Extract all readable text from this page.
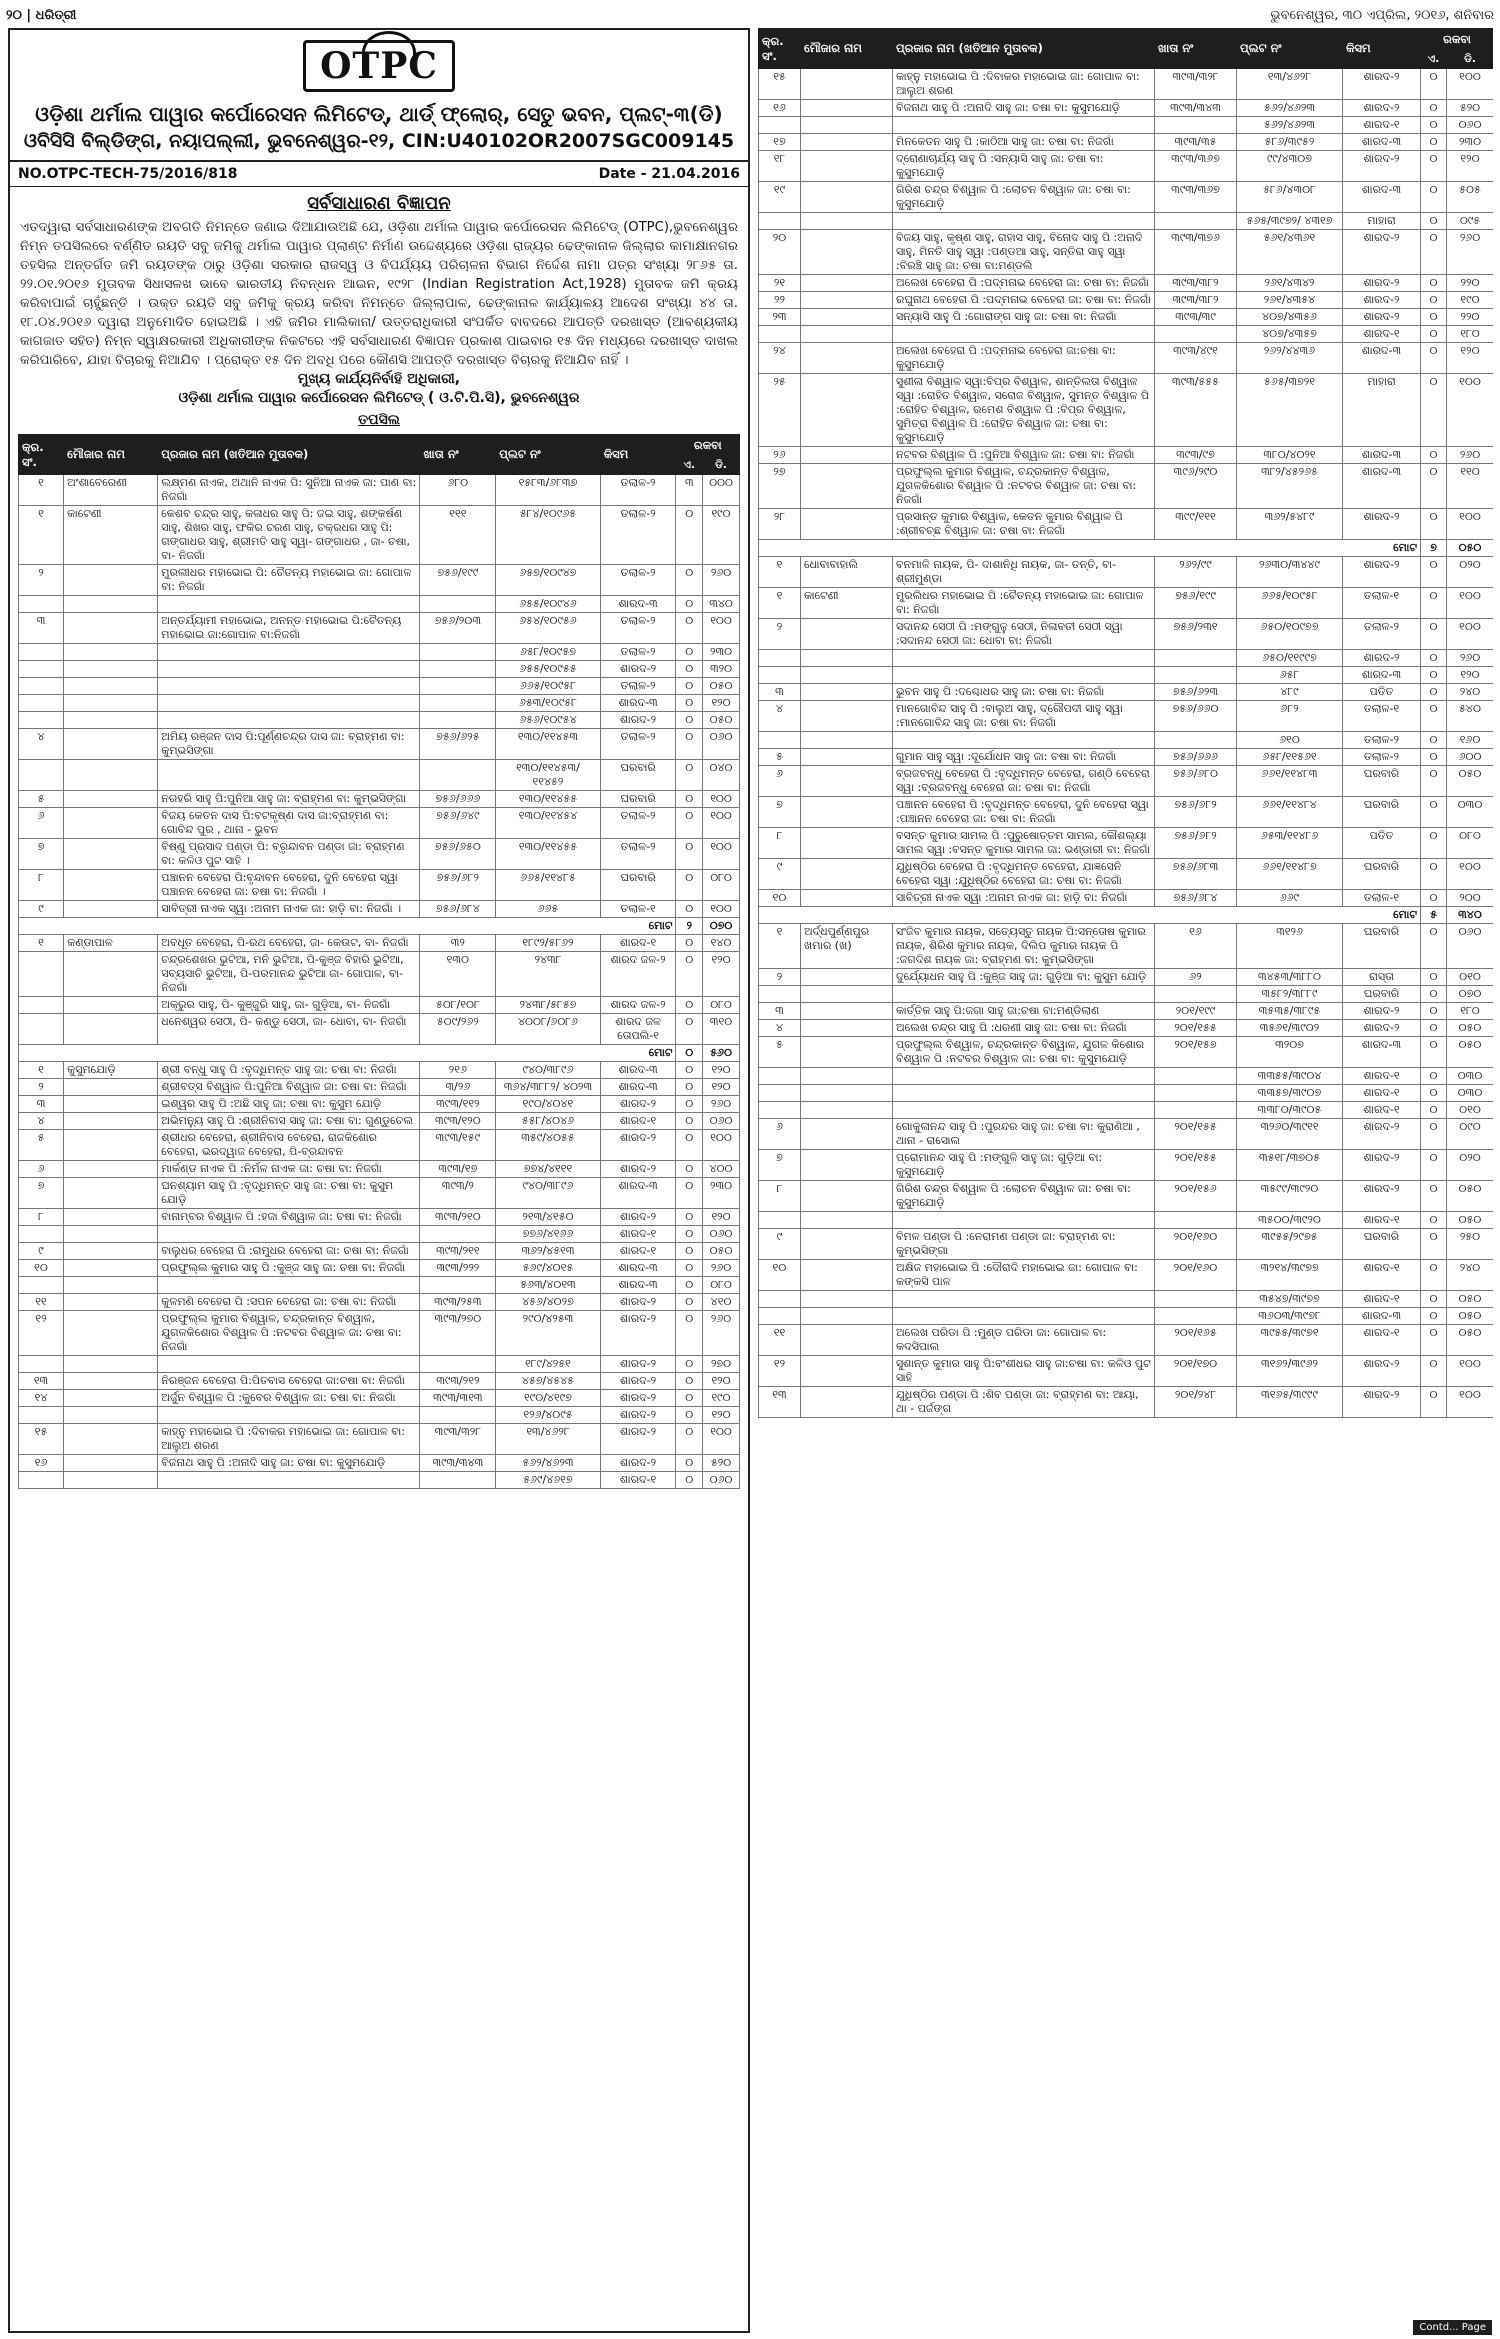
୨୦ | ଧରିତ୍ରୀ	ଭୁବନେଶ୍ୱର, ୩୦ ଏପ୍ରିଲ, ୨୦୧୬, ଶନିବାର
OTPC
ଓଡ଼ିଶା ଥର୍ମାଲ ପାୱାର କର୍ପୋରେସନ ଲିମିଟେଡ୍, ଥାର୍ଡ୍ ଫ୍ଲୋର୍, ସେତୁ ଭବନ, ପ୍ଲଟ୍-୩(ଡି)
ଓବିସିସି ବିଲ୍ଡିଙ୍ଗ, ନୟାପଲ୍ଲୀ, ଭୁବନେଶ୍ୱର-୧୨, CIN:U40102OR2007SGC009145
NO.OTPC-TECH-75/2016/818	Date - 21.04.2016
ସର୍ବସାଧାରଣ ବିଜ୍ଞାପନ
ଏତଦ୍ୱାରା ସର୍ବସାଧାରଣଙ୍କ ଅବଗତି ନିମନ୍ତେ ଜଣାଇ ଦିଆଯାଉଅଛି ଯେ, ଓଡ଼ିଶା ଥର୍ମାଲ ପାୱାର କର୍ପୋରେସନ ଲିମିଟେଡ୍ (OTPC),ଭୁବନେଶ୍ୱର ନିମ୍ନ ତପସିଲରେ ବର୍ଣ୍ଣିତ ରୟତି ସବୁ ଜମିକୁ ଥର୍ମାଲ ପାୱାର ପ୍ଲାଣ୍ଟ ନିର୍ମାଣ ଉଦ୍ଦେଶ୍ୟରେ ଓଡ଼ିଶା ରାଜ୍ୟର ଢେଙ୍କାନାଳ ଜିଲ୍ଲାର କାମାକ୍ଷାନଗର ତହସିଲ ଅନ୍ତର୍ଗତ ଜମି ରୟତଙ୍କ ଠାରୁ ଓଡ଼ିଶା ସରକାର ରାଜସ୍ୱ ଓ ବିପର୍ଯ୍ୟୟ ପରିଚାଳନା ବିଭାଗ ନିର୍ଦ୍ଦେଶ ନାମା ପତ୍ର ସଂଖ୍ୟା ୨୮୬୫ ତା. ୨୨.୦୧.୨୦୧୬ ମୁତାବକ ସିଧାସଳଖ ଭାବେ ଭାରତୀୟ ନିବନ୍ଧନ ଆଇନ, ୧୯୨୮ (Indian Registration Act,1928) ମୁତାବକ ଜମି କ୍ରୟ କରିବାପାଇଁ ଚାହୁଁଛନ୍ତି । ଉକ୍ତ ରୟତି ସବୁ ଜମିକୁ କ୍ରୟ କରିବା ନିମନ୍ତେ ଜିଲ୍ଲାପାଳ, ଢେଙ୍କାନାଳ କାର୍ଯ୍ୟାଳୟ ଆଦେଶ ସଂଖ୍ୟା ୪୪ ତା. ୧୮.୦୪.୨୦୧୬ ଦ୍ୱାରା ଅନୁମୋଦିତ ହୋଇଅଛି । ଏହି ଜମିର ମାଲିକାନା/ ଉତ୍ତରାଧିକାରୀ ସଂପର୍କିତ ବାବଦରେ ଆପତ୍ତି ଦରଖାସ୍ତ (ଆବଶ୍ୟକୀୟ କାଗଜାତ ସହିତ) ନିମ୍ନ ସ୍ୱାକ୍ଷରକାରୀ ଅଧିକାରୀଙ୍କ ନିକଟରେ ଏହି ସର୍ବସାଧାରଣ ବିଜ୍ଞାପନ ପ୍ରକାଶ ପାଇବାର ୧୫ ଦିନ ମଧ୍ୟରେ ଦରଖାସ୍ତ ଦାଖଲ କରିପାରିବେ, ଯାହା ବିଚାରକୁ ନିଆଯିବ । ପ୍ରୋକ୍ତ ୧୫ ଦିନ ଅବଧି ପରେ କୌଣସି ଆପତ୍ତି ଦରଖାସ୍ତ ବିଚାରକୁ ନିଆଯିବ ନାହିଁ ।
ମୁଖ୍ୟ କାର୍ଯ୍ୟନିର୍ବାହି ଅଧିକାରୀ,
ଓଡ଼ିଶା ଥର୍ମାଲ ପାୱାର କର୍ପୋରେସନ ଲିମିଟେଡ୍ ( ଓ.ଟି.ପି.ସି), ଭୁବନେଶ୍ୱର
ତପସିଲ
କ୍ର. ସଂ.	ମୌଜାର ନାମ	ପ୍ରଜାର ନାମ (ଖତିଆନ ମୁତାବକ)	ଖାତା ନଂ	ପ୍ଲଟ ନଂ	କିସମ	ରକବା	
						ଏ.	ଡି.
୧	ଅଂଶାବେରେଣୀ	ଲକ୍ଷ୍ମଣ ନାଏକ, ଅଥାନି ନାଏକ ପି: ସୁନିଆ ନାଏକ ଜା: ପାଣ ବା: ନିଜଗାଁ	୬୮୦	୧୫୮୩/୬୮୩୭	ତଲାଳ-୨	୩	୦୦୦
୧	କାଟେଣୀ	କେଶବ ଚନ୍ଦ୍ର ସାହୁ, କଳାଧର ସାହୁ ପି: ଜଇ ସାହୁ, ଶଙ୍କର୍ଷଣ ସାହୁ, ଶିଖର ସାହୁ, ଫକିର ଚରଣ ସାହୁ, ଚକ୍ରଧର ସାହୁ ପି: ଗଙ୍ଗାଧର ସାହୁ, ଶ୍ରୀମତି ସାହୁ ସ୍ୱା- ଗଙ୍ଗାଧର , ଜା- ଚଷା, ବା- ନିଜଗାଁ	୧୧୧	୫୮୪/୧୦୯୬୫	ତଲାଳ-୨	୦	୧୯୦
୨		ମୁରଲୀଧର ମହାଭୋଇ ପି: ଚୈତନ୍ୟ ମହାଭୋଇ ଜା: ଗୋପାଳ ବା: ନିଜଗାଁ	୭୫୬/୧୯୯	୬୫୭/୧୦୯୪୭	ତଲାଳ-୨	୦	୨୬୦
				୬୫୫/୧୦୯୪୬	ଶାରଦ-୩	୦	୩୪୦
୩		ଅନ୍ତର୍ଯ୍ୟାମୀ ମହାଭୋଇ, ଅନନ୍ତ ମହାଭୋଇ ପି:ଚୈତନ୍ୟ ମହାଭୋଇ ଜା:ଗୋପାଳ ବା:ନିଜଗାଁ	୭୫୬/୨୦୩	୬୫୪/୧୦୯୫୬	ତଲାଳ-୨	୦	୧୦୦
				୬୫୮/୧୦୯୫୭	ତଲାଳ-୨	୦	୨୩୦
				୬୫୫/୧୦୯୫୫	ଶାରଦ-୨	୦	୩୨୦
				୬୬୫/୧୦୯୫୮	ତଲାଳ-୨	୦	୦୫୦
				୬୫୩/୧୦୯୫୮	ଶାରଦ-୩	୦	୧୨୦
				୬୫୬/୧୦୯୫୪	ଶାରଦ-୨	୦	୦୫୦
୪		ଅମିୟ ରଞ୍ଜନ ଦାସ ପି:ପୂର୍ଣ୍ଣଚନ୍ଦ୍ର ଦାସ ଜା: ବ୍ରାହ୍ମଣ ବା: କୁମ୍ଭସିଙ୍ଗା	୭୫୬/୬୨୫	୧୩୦/୧୧୪୫୩	ତଲାଳ-୨	୦	୦୬୦
				୧୩୦/୧୧୪୫୩/ ୧୧୪୫୨	ଘରବାରି	୦	୦୪୦
୫		ନରହରି ସାହୁ ପି:ପୁନିଆ ସାହୁ ଜା: ବ୍ରାହ୍ମଣ ବା: କୁମ୍ଭସିଙ୍ଗା	୭୫୬/୬୬୬	୧୩୦/୧୧୪୫୫	ଘରବାରି	୦	୧୦୦
୬		ବିଜୟ କେତନ ଦାସ ପି:ବଟକୃଷ୍ଣ ଦାସ ଜା:ବ୍ରାହ୍ମଣ ବା: ଗୋବିନ୍ଦ ପୁର , ଥାନା - ଭୁବନ	୭୫୬/୬୪୯	୧୩୦/୧୧୪୫୪	ତଲାଳ-୨	୦	୧୦୦
୭		ବିଷ୍ଣୁ ପ୍ରସାଦ ପଣ୍ଡା ପି: ବ୍ରୃନ୍ଦାବନ ପଣ୍ଡା ଜା: ବ୍ରାହ୍ମଣ ବା: କଳିଓ ପୁଟ ସାହି ।	୭୫୬/୬୫୦	୧୩୦/୧୧୪୫୫	ତଲାଳ-୨	୦	୧୦୦
୮		ପଞ୍ଚାନନ ବେହେରା ପି:ବୃନ୍ଦାବନ ବେହେରା, ଦୁନି ବେହେରା ସ୍ୱା ପଞ୍ଚାନନ ବେହେରା ଜା: ଚଷା ବା: ନିଜଗାଁ ।	୭୫୬/୬୮୨	୬୬୫/୧୧୪୮୫	ଘରବାରି	୦	୦୮୦
୯		ସାବିତ୍ରୀ ନାଏକ ସ୍ୱା :ଅନାମ ନାଏକ ଜା: ହାଡ଼ି ବା: ନିଜଗାଁ ।	୭୫୬/୬୮୪	୬୬୫	ତଲାଳ-୧	୦	୧୦୦
ମୋଟ						୨	୦୭୦
୧	କଣ୍ଡାପାଳ	ଅବଧୂତ ବେହେରା, ପି-ରଥ ବେହେରା, ଜା- କେଉଟ, ବା- ନିଜଗାଁ	୩୨	୧୮୯୨/୫୮୬୨	ଶାରଦ-୧	୦	୧୪୦
		ଚନ୍ଦ୍ରଶେଖର ଭୁଟିଆ, ମନି ଭୁଟିଆ, ପି-କୁଞ୍ଜ ବିହାରି ଭୁଟିଆ, ସବ୍ୟସାଚି ଭୁଟିଆ, ପି-ପରମାନନ୍ଦ ଭୁଟିଆ ଜା- ଗୋପାଳ, ବା- ନିଜଗାଁ	୧୩୦	୨୪୩୮	ଶାରଦ ଜଳ-୨	୦	୧୨୦
		ଅକ୍ରୁର ସାହୁ, ପି- କୁଞ୍ଜୁରି ସାହୁ, ଜା- ଗୁଡ଼ିଆ, ବା- ନିଜଗାଁ	୫୦୮/୧୦୮	୨୪୩୮/୫୮୫୭	ଶାରଦ ଜଳ-୨	୦	୦୮୦
		ଧନେଶ୍ୱର ସେଠୀ, ପି- କଣ୍ଡୁ ସେଠୀ, ଜା- ଧୋବା, ବା- ନିଜଗାଁ	୫୦୯/୨୬୨	୪୦୦୮/୬୦୮୬	ଶାରଦ ଜଳ ତୋପଲି-୧	୦	୩୧୦
ମୋଟ						୦	୫୬୦
୧	କୁସୁମଯୋଡ଼ି	ଶ୍ରୀ ବନ୍ଧୁ ସାହୁ ପି :ବୃଦ୍ଧିମନ୍ତ ସାହୁ ଜା: ଚଷା ବା: ନିଜଗାଁ	୨୧୬	୯୪୦/୩୮୯୬	ଶାରଦ-୩	୦	୧୨୦
୨		ଶ୍ରୀବତ୍ସ ବିଶ୍ୱାଳ ପି:ପୁନିଆ ବିଶ୍ୱାଳ ଜା: ଚଷା ବା: ନିଜଗାଁ	୩/୨୬	୩୬୪/୩୮୮୨/ ୪୦୨୩	ଶାରଦ-୩	୦	୧୨୦
୩		ଇଶ୍ୱର ସାହୁ ପି :ଅଛି ସାହୁ ଜା: ଚଷା ବା: କୁସୁମ ଯୋଡ଼ି	୩୯୩/୧୧୨	୧୯୦/୪୦୪୧	ଶାରଦ-୨	୦	୨୬୦
୪		ଅଭିମନ୍ୟୁ ସାହୁ ପି :ଶ୍ରୀନିବାସ ସାହୁ ଜା: ଚଷା ବା: ଗୁଣ୍ଡୁଚେଲ	୩୯୩/୧୨୦	୫୫୮/୪୦୪୬	ଶାରଦ-୧	୦	୦୬୦
୫		ଶ୍ରୀଧର ବେହେରା, ଶ୍ରୀନିବାସ ବେହେରା, ରାଜକିଶୋର ବେହେରା, ଭରଦ୍ୱାଜ ବେହେରା, ପି-ବ୍ରନ୍ଦାବନ	୩୯୩/୧୫୯	୩୫୯/୪୦୫୫	ଶାରଦ-୨	୦	୧୦୦
୬		ମାର୍କଣ୍ଡ ନାଏକ ପି :ନିର୍ମଳ ନାଏକ ଜା: ଚଷା ବା: ନିଜଗାଁ	୩୯୩/୧୭	୭୭୪/୪୧୧୧	ଶାରଦ-୨	୦	୪୦୦
୭		ଘନଶ୍ୟାମ ସାହୁ ପି :ବୃଦ୍ଧିମନ୍ତ ସାହୁ ଜା: ଚଷା ବା: କୁସୁମ ଯୋଡ଼ି	୩୯୩/୨	୯୪୦/୩୮୯୬	ଶାରଦ-୩	୦	୨୩୦
୮		ବାନାମ୍ବର ବିଶ୍ୱାଳ ପି :ହଜା ବିଶ୍ୱାଳ ଜା: ଚଷା ବା: ନିଜଗାଁ	୩୯୩/୨୧୦	୨୧୩/୪୧୫୦	ଶାରଦ-୨	୦	୧୨୦
				୭୭୬/୪୧୬୬	ଶାରଦ-୧	୦	୦୬୦
୯		ବାଲୁଧର ବେହେରା ପି :ରାମୁଧର ବେହେରା ଜା: ଚଷା ବା: ନିଜଗାଁ	୩୯୩/୨୧୧	୩୬୨/୪୫୧୩	ଶାରଦ-୧	୦	୦୫୦
୧୦		ପ୍ରଫୁଲ୍ଲ କୁମାର ସାହୁ ପି :କୁଞ୍ଜ ସାହୁ ଜା: ଚଷା ବା: ନିଜଗାଁ	୩୯୩/୨୨୨	୫୬୯/୪୦୧୫	ଶାରଦ-୩	୦	୨୬୦
				୫୬୩/୪୦୧୩	ଶାରଦ-୩	୦	୦୮୦
୧୧		କୁଳମଣି ବେହେରା ପି :ସପନ ବେହେରା ଜା: ଚଷା ବା: ନିଜଗାଁ	୩୯୩/୨୫୩	୪୫୬/୪୦୨୭	ଶାରଦ-୨	୦	୪୧୦
୧୨		ପ୍ରଫୁଲ୍ଲ କୁମାର ବିଶ୍ୱାଳ, ଚନ୍ଦ୍ରକାନ୍ତ ବିଶ୍ୱାଳ, ଯୁଗଳକିଶୋର ବିଶ୍ୱାଳ ପି :ନଟବର ବିଶ୍ୱାଳ ଜା: ଚଷା ବା: ନିଜଗାଁ	୩୯୩/୨୭୦	୨୯୦/୪୨୫୩	ଶାରଦ-୨	୦	୨୬୦
				୧୮୯/୪୨୫୧	ଶାରଦ-୨	୦	୨୭୦
୧୩		ନିରଞ୍ଜନ ବେହେରା ପି:ପିତବାସ ବେହେରା ଜା:ଚଷା ବା: ନିଜଗାଁ	୩୯୩/୨୧୨	୪୫୭/୪୫୪୫	ଶାରଦ-୨	୦	୧୨୦
୧୪		ଅର୍ଜୁନ ବିଶ୍ୱାଳ ପି :କୁବେର ବିଶ୍ୱାଳ ଜା: ଚଷା ବା: ନିଜଗାଁ	୩୯୩/୩୧୩	୧୯୦/୪୧୯୭	ଶାରଦ-୨	୦	୧୯୦
				୧୨୬/୪୦୯୫	ଶାରଦ-୨	୦	୧୨୦
୧୫		କାହ୍ନୁ ମହାଭୋଇ ପି :ଦିବାକର ମହାଭୋଇ ଜା: ଗୋପାଳ ବା: ଆଲୁଅ ଶରଣ	୩୯୩/୩୨୮	୧୩/୪୬୨୮	ଶାରଦ-୨	୦	୧୦୦
୧୬		ବିଜନାଥ ସାହୁ ପି :ଅନାଦି ସାହୁ ଜା: ଚଷା ବା: କୁସୁମଯୋଡ଼ି	୩୯୩/୩୪୩	୫୬୨/୪୬୨୩	ଶାରଦ-୨	୦	୫୨୦
				୫୬୯/୪୬୧୭	ଶାରଦ-୧	୦	୦୬୦
କ୍ର. ସଂ.	ମୌଜାର ନାମ	ପ୍ରଜାର ନାମ (ଖତିଆନ ମୁତାବକ)	ଖାତା ନଂ	ପ୍ଲଟ ନଂ	କିସମ	ରକବା	
						ଏ.	ଡି.
୧୫		କାହ୍ନୁ ମହାଭୋଇ ପି :ଦିବାକର ମହାଭୋଇ ଜା: ଗୋପାଳ ବା: ଆଲୁଅ ଶରଣ	୩୯୩/୩୨୮	୧୩/୪୬୨୮	ଶାରଦ-୨	୦	୧୦୦
୧୬		ବିଜନାଥ ସାହୁ ପି :ଅନାଦି ସାହୁ ଜା: ଚଷା ବା: କୁସୁମଯୋଡ଼ି	୩୯୩/୩୪୩	୫୬୨/୪୬୨୩	ଶାରଦ-୨	୦	୫୨୦
				୫୬୨/୪୬୨୩	ଶାରଦ-୧	୦	୦୬୦
୧୭		ମିନକେତନ ସାହୁ ପି :କାଠିଆ ସାହୁ ଜା: ଚଷା ବା: ନିଜଗାଁ	୩୯୩/୩୫	୫୮୬/୩୯୫୨	ଶାରଦ-୩	୦	୨୩୦
୧୮		ଦ୍ରୋଣାଚାର୍ଯ୍ୟ ସାହୁ ପି :ସନ୍ୟାସି ସାହୁ ଜା: ଚଷା ବା: କୁସୁମଯୋଡ଼ି	୩୯୩/୩୬୭	୯୯/୪୩୦୭	ଶାରଦ-୨	୦	୧୨୦
୧୯		ଗିରିଶ ଚନ୍ଦ୍ର ବିଶ୍ୱାଳ ପି :ଲୋଚନ ବିଶ୍ୱାଳ ଜା: ଚଷା ବା: କୁସୁମଯୋଡ଼ି	୩୯୩/୩୬୭	୫୮୬/୪୩୦୮	ଶାରଦ-୩	୦	୫୦୫
				୫୬୫/୩୯୭୨/ ୪୩୧୭	ମାହାରା	୦	୦୯୫
୨୦		ବିଜୟ ସାହୁ, କୃଷ୍ଣ ସାହୁ, ରାହାସ ସାହୁ, ବିନୋଦ ସାହୁ ପି :ଅନାଦି ସାହୁ, ମିନତି ସାହୁ ସ୍ୱା :ପଣ୍ଡଆ ସାହୁ, ସନ୍ତିରା ସାହୁ ସ୍ୱା :ବିରଞ୍ଚି ସାହୁ ଜା: ଚଷା ବା:ମଣ୍ଡଲି	୩୯୩/୩୭୬	୫୬୧/୪୩୬୧	ଶାରଦ-୨	୦	୨୬୦
୨୧		ଅଲେଖ ବେହେରା ପି :ପଦ୍ମନାଭ ବେହେରା ଜା: ଚଷା ବା: ନିଜଗାଁ	୩୯୩/୩୮୨	୨୬୧/୪୩୪୨	ଶାରଦ-୨	୦	୨୨୦
୨୨		ରଘୁନାଥ ବେହେରା ପି :ପଦ୍ମନାଭ ବେହେରା ଜା: ଚଷା ବା: ନିଜଗାଁ	୩୯୩/୩୮୨	୨୬୧/୪୩୫୪	ଶାରଦ-୨	୦	୧୯୦
୨୩		ସନ୍ୟାସି ସାହୁ ପି :ଗୋରାଙ୍ଗ ସାହୁ ଜା: ଚଷା ବା: ନିଜଗାଁ	୩୯୩/୩୯	୪୦୭/୪୩୫୬	ଶାରଦ-୨	୦	୨୨୦
				୪୦୭/୪୩୫୭	ଶାରଦ-୧	୦	୧୮୦
୨୪		ଅଲେଖ ବେହେରା ପି :ପଦ୍ମନାଭ ବେହେରା ଜା:ଚଷା ବା: କୁସୁମଯୋଡ଼ି	୩୯୩/୪୯୧	୨୬୨/୪୪୩୬	ଶାରଦ-୩	୦	୧୨୦
୨୫		ସୁଶୀଳା ବିଶ୍ୱାଳ ସ୍ୱା:ବିପ୍ର ବିଶ୍ୱାଳ, ଶାନ୍ତିଲତା ବିଶ୍ୱାଳ ସ୍ୱା :ରୋହିତ ବିଶ୍ୱାଳ, ସରୋଜ ବିଶ୍ୱାଳ, ସୁମନ୍ତ ବିଶ୍ୱାଳ ପି :ରୋହିତ ବିଶ୍ୱାଳ, ରମେଶ ବିଶ୍ୱାଳ ପି :ବିପ୍ର ବିଶ୍ୱାଳ, ସୁମିତ୍ରା ବିଶ୍ୱାଳ ପି :ରୋହିତ ବିଶ୍ୱାଳ ଜା: ଚଷା ବା: କୁସୁମଯୋଡ଼ି	୩୯୩/୫୫୫	୫୬୫/୩୭୨୧	ମାହାରା	୦	୧୦୦
୨୬		ନଟବର ବିଶ୍ୱାଳ ପି :ପୁନିଆ ବିଶ୍ୱାଳ ଜା: ଚଷା ବା: ନିଜଗାଁ	୩୯୩/୯୭	୩୮୦/୪୦୨୧	ଶାରଦ-୩	୦	୨୬୦
୨୭		ପ୍ରଫୁଲ୍ଲ କୁମାର ବିଶ୍ୱାଳ, ଚନ୍ଦ୍ରକାନ୍ତ ବିଶ୍ୱାଳ, ଯୁଗଳକିଶୋର ବିଶ୍ୱାଳ ପି :ନଟବର ବିଶ୍ୱାଳ ଜା: ଚଷା ବା: ନିଜଗାଁ	୩୯୬/୨୯୦	୩୮୨/୪୫୨୬୫	ଶାରଦ-୩	୦	୧୧୦
୨୮		ପ୍ରସାନ୍ତ କୁମାର ବିଶ୍ୱାଳ, କେତନ କୁମାର ବିଶ୍ୱାଳ ପି :ଶ୍ରୀବଚ୍ଛ ବିଶ୍ୱାଳ ଜା: ଚଷା ବା: ନିଜଗାଁ	୩୯୯/୧୧୧	୩୬୨/୫୪୮୯	ଶାରଦ-୨	୦	୧୦୦
ମୋଟ						୭	୦୫୦
୧	ଧୋବାବାହାଲି	ବନମାଳି ନାୟକ, ପି- ଦାଶାନିଧି ନାୟକ, ଜା- ତନ୍ତି, ବା- ଶ୍ରୀମୁଣ୍ଡା	୨୬୨/୯୯	୨୬୩୦/୩୪୪୯	ଶାରଦ-୨	୦	୦୨୦
୧	କାଟେଣୀ	ମୁରଲିଧର ମହାଭୋଇ ପି :ଚୈତନ୍ୟ ମହାଭୋଇ ଜା: ଗୋପାଳ ବା: ନିଜଗାଁ	୭୫୬/୧୯୯	୬୬୫/୧୦୯୫୮	ତଲାଳ-୧	୦	୧୦୦
୨		ସଦାନନ୍ଦ ସେଠୀ ପି :ମଙ୍ଗୁଳୁ ସେଠୀ, ନିଳାବତୀ ସେଠୀ ସ୍ୱା :ସଦାନନ୍ଦ ସେଠୀ ଜା: ଧୋବା ବା: ନିଜଗାଁ	୭୫୬/୨୩୧	୬୫୦/୧୦୯୭୭	ତଲାଳ-୨	୦	୧୦୦
				୬୫୦/୧୧୯୯୭	ଶାରଦ-୨	୦	୨୬୦
				୬୫୮	ଶାରଦ-୩	୦	୧୨୦
୩		ଭୁବନ ସାହୁ ପି :ଦଶ୍ଚୋଧର ସାହୁ ଜା: ଚଷା ବା: ନିଜଗାଁ	୭୫୬/୬୨୩	୪୮୯	ପତିତ	୦	୨୪୦
୪		ମାନଗୋବିନ୍ଦ ସାହୁ ପି :ବାଲୁଅ ସାହୁ, ଦ୍ରୌପଦୀ ସାହୁ ସ୍ୱା :ମାନଗୋବିନ୍ଦ ସାହୁ ଜା: ଚଷା ବା: ନିଜଗାଁ	୭୫୬/୬୬୦	୬୮୨	ତଲାଳ-୧	୦	୫୪୦
				୬୧୦	ତଲାଳ-୨	୦	୧୬୦
୫		ଗୁମାନ ସାହୁ ସ୍ୱା :ଦୂର୍ଯୋଧନ ସାହୁ ଜା: ଚଷା ବା: ନିଜଗାଁ	୭୫୬/୬୬୬	୬୫୮/୧୧୫୬୧	ତଲାଳ-୨	୦	୬୦୦
୬		ବ୍ରଜବନ୍ଧୁ ବେହେରା ପି :ବୃଦ୍ଧିମନ୍ତ ବେହେରା, ଗଣ୍ଠି ବେହେରା ସ୍ୱା :ବ୍ରଜବନ୍ଧୁ ବେହେରା ଜା: ଚଷା ବା: ନିଜଗାଁ	୭୫୬/୬୮୦	୬୬୧/୧୧୪୮୩	ଘରବାରି	୦	୦୫୦
୭		ପଞ୍ଚାନନ ବେହେରା ପି :ବୃଦ୍ଧିମନ୍ତ ବେହେରା, ଦୁନି ବେହେରା ସ୍ୱା :ପଞ୍ଚାନନ ବେହେରା ଜା: ଚଷା ବା: ନିଜଗାଁ	୭୫୬/୬୮୨	୬୬୧/୧୧୪୮୪	ଘରବାରି	୦	୦୩୦
୮		ବସନ୍ତ କୁମାର ସାମଲ ପି :ପୁରୁଷୋତ୍ତମ ସାମଲ, କୌଶଲ୍ୟା ସାମଲ ସ୍ୱା :ବସନ୍ତ କୁମାର ସାମଲ ଜା: ଭଣ୍ଡାରୀ ବା: ନିଜଗାଁ	୭୫୬/୬୮୨	୬୫୩/୧୧୪୮୬	ପତିତ	୦	୦୮୦
୯		ଯୁଧିଷ୍ଠିର ବେହେରା ପି :ବୃଦ୍ଧିମନ୍ତ ବେହେରା, ଯାଜ୍ଞସେନି ବେହେରା ସ୍ୱା :ଯୁଧିଷ୍ଠିର ବେହେରା ଜା: ଚଷା ବା: ନିଜଗାଁ	୭୫୬/୬୮୩	୬୬୧/୧୧୪୮୭	ଘରବାରି	୦	୧୦୦
୧୦		ସାବିତ୍ରୀ ନାଏକ ସ୍ୱା :ଅନାମ ନାଏକ ଜା: ହାଡ଼ି ବା: ନିଜଗାଁ	୭୫୬/୬୮୪	୬୬୯	ତଲାଳ-୧	୦	୨୦୦
ମୋଟ						୫	୩୪୦
୧	ଅର୍ଦ୍ଧପୁର୍ଣ୍ଣପୁର ଖମାର (ଖ)	ସଂଜିବ କୁମାର ନାୟକ, ସତ୍ୟେସ୍ତୁ ନାୟକ ପି:ସନ୍ତୋଷ କୁମାର ନାୟକ, ଶିରିଶ କୁମାର ନାୟକ, ଦିଲିପ କୁମାର ନାୟକ ପି :ଜଗଦିଶ ନାୟକ ଜା: ବ୍ରାହ୍ମଣ ବା: କୁମ୍ଭସିଙ୍ଗା	୧୬	୩୧୨୬	ଘରବାରି	୦	୦୬୦
୨		ଦୁର୍ଯ୍ୟୋଧନ ସାହୁ ପି :କୁଞ୍ଜ ସାହୁ ଜା: ଗୁଡ଼ିଆ ବା: କୁସୁମ ଯୋଡ଼ି	୬୨	୩୪୫୩/୩୮୮୦	ରାସ୍ତା	୦	୦୧୦
				୩୫୮୨/୩୮୮୯	ଘରବାରି	୦	୦୭୦
୩		କାର୍ତ୍ତିକ ସାହୁ ପି:ଜଗା ସାହୁ ଜା:ଚଷା ବା:ମଣ୍ଡିଲାଣ	୨୦୧/୧୯୯	୩୫୩୫/୩୮୯୫	ଶାରଦ-୨	୦	୧୮୦
୪		ଅଲେଖ ଚନ୍ଦ୍ର ସାହୁ ପି :ଧରଣୀ ସାହୁ ଜା: ଚଷା ବା: ନିଜଗାଁ	୨୦୧/୧୫୫	୩୫୬୧/୩୯୦୨	ଶାରଦ-୨	୦	୦୫୦
୫		ପ୍ରଫୁଲ୍ଲ ବିଶ୍ୱାଳ, ଚନ୍ଦ୍ରକାନ୍ତ ବିଶ୍ୱାଳ, ଯୁଗଳ କିଶୋର ବିଶ୍ୱାଳ ପି :ନଟବର ବିଶ୍ୱାଳ ଜା: ଚଷା ବା: କୁସୁମଯୋଡ଼ି	୨୦୧/୧୫୭	୩୨୦୭	ଶାରଦ-୩	୦	୦୫୦
				୩୩୫୫/୩୯୦୪	ଶାରଦ-୧	୦	୦୩୦
				୩୩୫୭/୩୯୦୭	ଶାରଦ-୧	୦	୦୩୦
				୩୩୮୦/୩୯୦୫	ଶାରଦ-୧	୦	୦୧୦
୬		ଗୋକୁଳାନନ୍ଦ ସାହୁ ପି :ପୁରନ୍ଦର ସାହୁ ଜା: ଚଷା ବା: କୁରାଣିଆ , ଥାନା - ରାସୋଲ	୨୦୧/୧୫୫	୩୨୬୦/୩୯୧୧	ଶାରଦ-୨	୦	୦୯୦
୭		ପ୍ରୋମାନନ୍ଦ ସାହୁ ପି :ମଙ୍ଗୁଳି ସାହୁ ଜା: ଗୁଡ଼ିଆ ବା: କୁସୁମଯୋଡ଼ି	୨୦୧/୧୫୫	୩୫୧୮/୩୭୦୫	ଶାରଦ-୨	୦	୦୨୦
୮		ଗିରିଶ ଚନ୍ଦ୍ର ବିଶ୍ୱାଳ ପି :ଲୋଚନ ବିଶ୍ୱାଳ ଜା: ଚଷା ବା: କୁସୁମଯୋଡ଼ି	୨୦୧/୧୫୬	୩୫୯୯/୩୯୨୦	ଶାରଦ-୨	୦	୦୫୦
				୩୫୦୦/୩୯୨୦	ଶାରଦ-୧	୦	୦୫୦
୯		ବିମଳ ପଣ୍ଡା ପି :ନେରାମଣ ପଣ୍ଡା ଜା: ବ୍ରାହ୍ମଣ ବା: କୁମ୍ଭସିଙ୍ଗା	୨୦୧/୧୬୦	୩୯୫୫/୨୯୭୫	ଘରବାରି	୦	୨୫୦
୧୦		ଅକ୍ଷିଜ ମହାଭୋଇ ପି :ଦୌରାଦି ମହାଭୋଇ ଜା: ଗୋପାଳ ବା: କଙ୍କସି ପାଳ	୨୦୧/୧୬୦	୩୨୧୪/୩୯୭୭	ଶାରଦ-୧	୦	୨୪୦
				୩୫୪୭/୩୯୭୭	ଶାରଦ-୧	୦	୦୫୦
				୩୬୦୩/୩୯୭୮	ଶାରଦ-୩	୦	୦୫୦
୧୧		ଅଲେଖ ପରିଡା ପି :ମୁଣ୍ଡ ପରିଡା ଜା: ଗୋପାଳ ବା: କଦସିପାଲ	୨୦୧/୧୬୫	୩୯୫୫/୩୯୭୧	ଶାରଦ-୧	୦	୦୫୦
୧୨		ସୁଶାନ୍ତ କୁମାର ସାହୁ ପି:ବଂଶୀଧର ସାହୁ ଜା:ଚଷା ବା: କଳିଓ ପୁଟ ସାହି	୨୦୧/୧୭୦	୩୧୬୨/୩୯୬୨	ଶାରଦ-୨	୦	୧୦୦
୧୩		ଯୁଧିଷ୍ଠିର ପଣ୍ଡା ପି :ଶିବ ପଣ୍ଡା ଜା: ବ୍ରାହ୍ମଣ ବା: ଆୟା, ଥା - ପର୍ଜଙ୍ଗ	୨୦୧/୨୪୮	୩୧୬୫/୩୯୯୯	ଶାରଦ-୨	୦	୧୦୦
Contd... Page
